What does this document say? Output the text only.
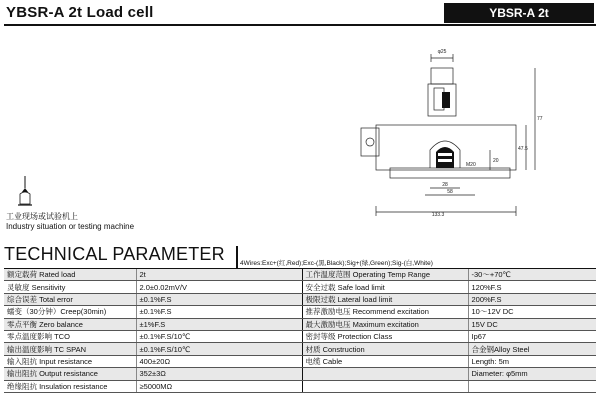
YBSR-A 2t Load cell	YBSR-A 2t
133.3
58
28
M20
20
77
47.5
φ25
工业现场或试验机上
Industry situation or testing machine
TECHNICAL PARAMETER 4Wires:Exc+(红,Red);Exc-(黑,Black);Sig+(绿,Green);Sig-(白,White)
额定载荷 Rated load	2t	工作温度范围 Operating Temp Range	-30～+70℃
灵敏度 Sensitivity	2.0±0.02mV/V	安全过载 Safe load limit	120%F.S
综合误差 Total error	±0.1%F.S	极限过载 Lateral load limit	200%F.S
蠕变（30分钟）Creep(30min)	±0.1%F.S	推荐激励电压 Recommend excitation	10～12V DC
零点平衡 Zero balance	±1%F.S	最大激励电压 Maximum excitation	15V DC
零点温度影响 TCO	±0.1%F.S/10℃	密封等级 Protection Class	Ip67
输出温度影响 TC SPAN	±0.1%F.S/10℃	材质 Construction	合金钢Alloy Steel
输入阻抗 Input resistance	400±20Ω	电缆 Cable	Length: 5m
输出阻抗 Output resistance	352±3Ω		Diameter: φ5mm
绝缘阻抗 Insulation resistance	≥5000MΩ		
